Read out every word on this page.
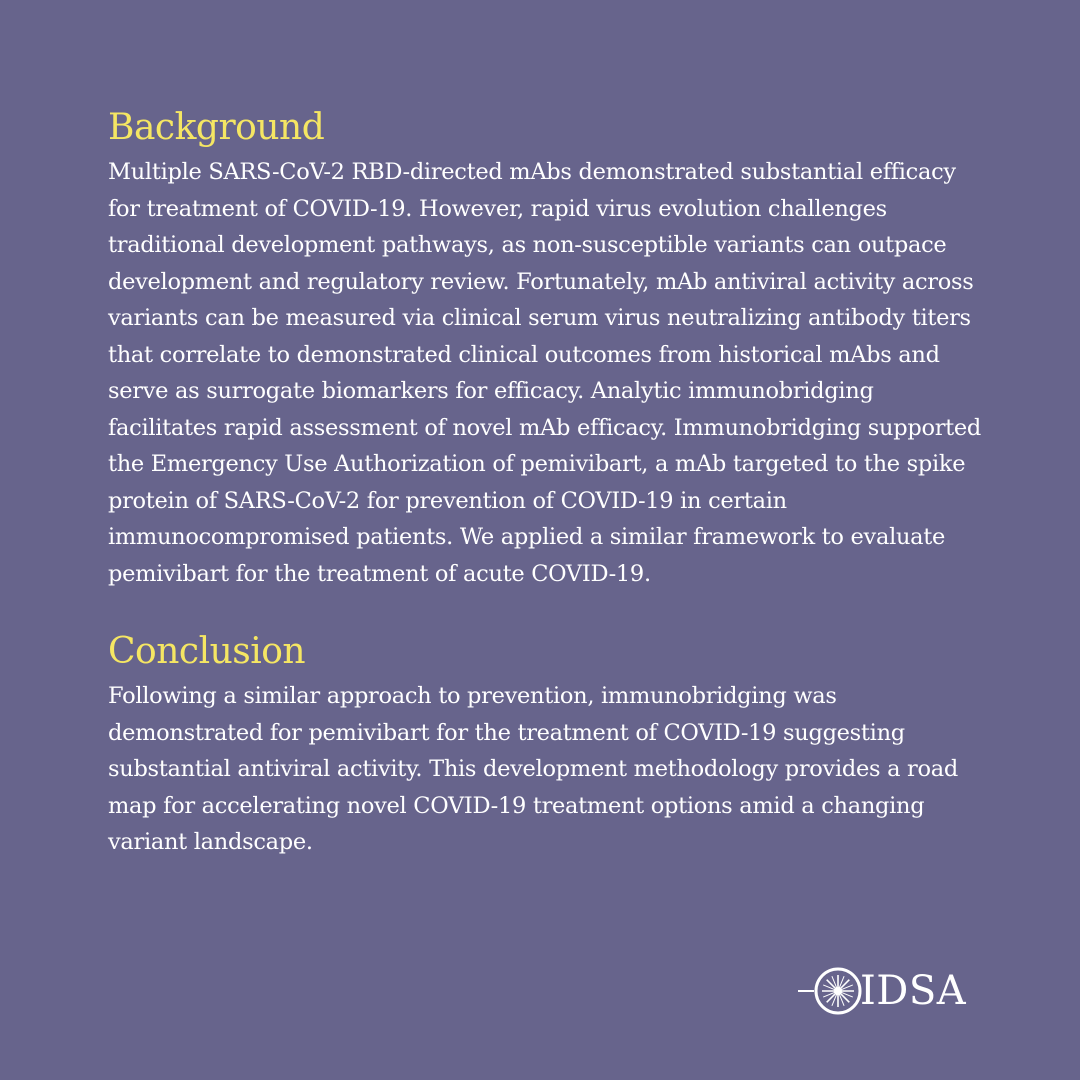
Background

Multiple SARS-CoV-2 RBD-directed mAbs demonstrated substantial efficacy for treatment of COVID-19. However, rapid virus evolution challenges traditional development pathways, as non-susceptible variants can outpace development and regulatory review. Fortunately, mAb antiviral activity across variants can be measured via clinical serum virus neutralizing antibody titers that correlate to demonstrated clinical outcomes from historical mAbs and serve as surrogate biomarkers for efficacy. Analytic immunobridging facilitates rapid assessment of novel mAb efficacy. Immunobridging supported the Emergency Use Authorization of pemivibart, a mAb targeted to the spike protein of SARS-CoV-2 for prevention of COVID-19 in certain immunocompromised patients. We applied a similar framework to evaluate pemivibart for the treatment of acute COVID-19.

Conclusion

Following a similar approach to prevention, immunobridging was demonstrated for pemivibart for the treatment of COVID-19 suggesting substantial antiviral activity. This development methodology provides a road map for accelerating novel COVID-19 treatment options amid a changing variant landscape.

IDSA
